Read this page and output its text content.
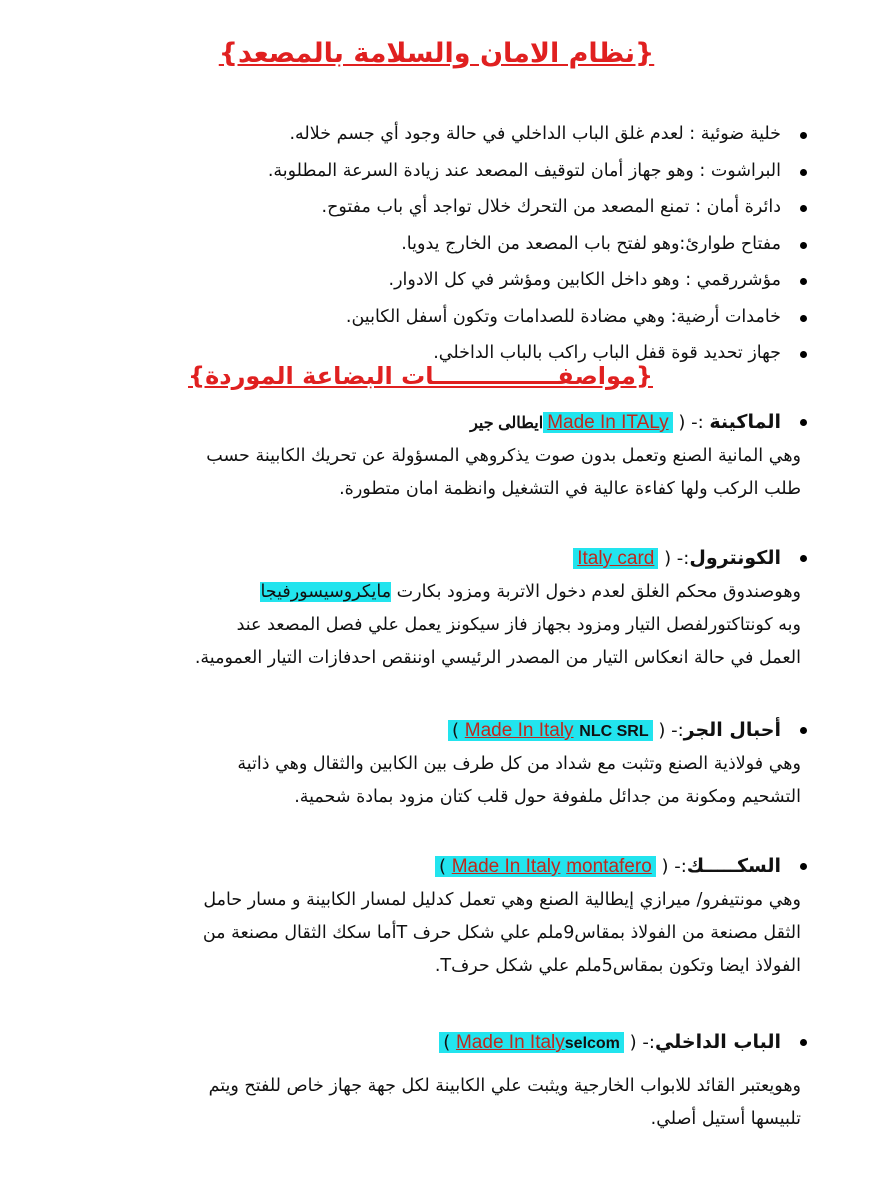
{نظام الامان والسلامة بالمصعد}
خلية ضوئية : لعدم غلق الباب الداخلي في حالة وجود أي جسم خلاله.
البراشوت : وهو جهاز أمان لتوقيف المصعد عند زيادة السرعة المطلوبة.
دائرة أمان : تمنع المصعد من التحرك خلال تواجد أي باب مفتوح.
مفتاح طوارئ:وهو لفتح باب المصعد من الخارج يدويا.
مؤشررقمي : وهو داخل الكابين ومؤشر في كل الادوار.
خامدات أرضية: وهي مضادة للصدامات وتكون أسفل الكابين.
جهاز تحديد قوة قفل الباب راكب بالباب الداخلي.
{مواصفـــــــــــــــات البضاعة الموردة}
الماكينة :- ( Made In ITALyايطالى جير

وهي المانية الصنع وتعمل بدون صوت يذكروهي المسؤولة عن تحريك الكابينة حسب

طلب الركب ولها كفاءة عالية في التشغيل وانظمة امان متطورة.

الكونترول:- ( Italy card

وهوصندوق محكم الغلق لعدم دخول الاتربة ومزود بكارت مايكروسيسورفيجا

وبه كونتاكتورلفصل التيار ومزود بجهاز فاز سيكونز يعمل علي فصل المصعد عند

العمل في حالة انعكاس التيار من المصدر الرئيسي اوننقص احدفازات التيار العمومية.

أحبال الجر:- ( NLC SRL Made In Italy )

وهي فولاذية الصنع وتثبت مع شداد من كل طرف بين الكابين والثقال وهي ذاتية

التشحيم ومكونة من جدائل ملفوفة حول قلب كتان مزود بمادة شحمية.

السكـــــك:- ( montafero Made In Italy )

وهي مونتيفرو/ ميرازي إيطالية الصنع وهي تعمل كدليل لمسار الكابينة و مسار حامل

الثقل مصنعة من الفولاذ بمقاس9ملم علي شكل حرف Tأما سكك الثقال مصنعة من

الفولاذ ايضا وتكون بمقاس5ملم علي شكل حرفT.

الباب الداخلي:- ( selcomMade In Italy )

وهويعتبر القائد للابواب الخارجية ويثبت علي الكابينة لكل جهة جهاز خاص للفتح ويتم

تلبيسها أستيل أصلي.
